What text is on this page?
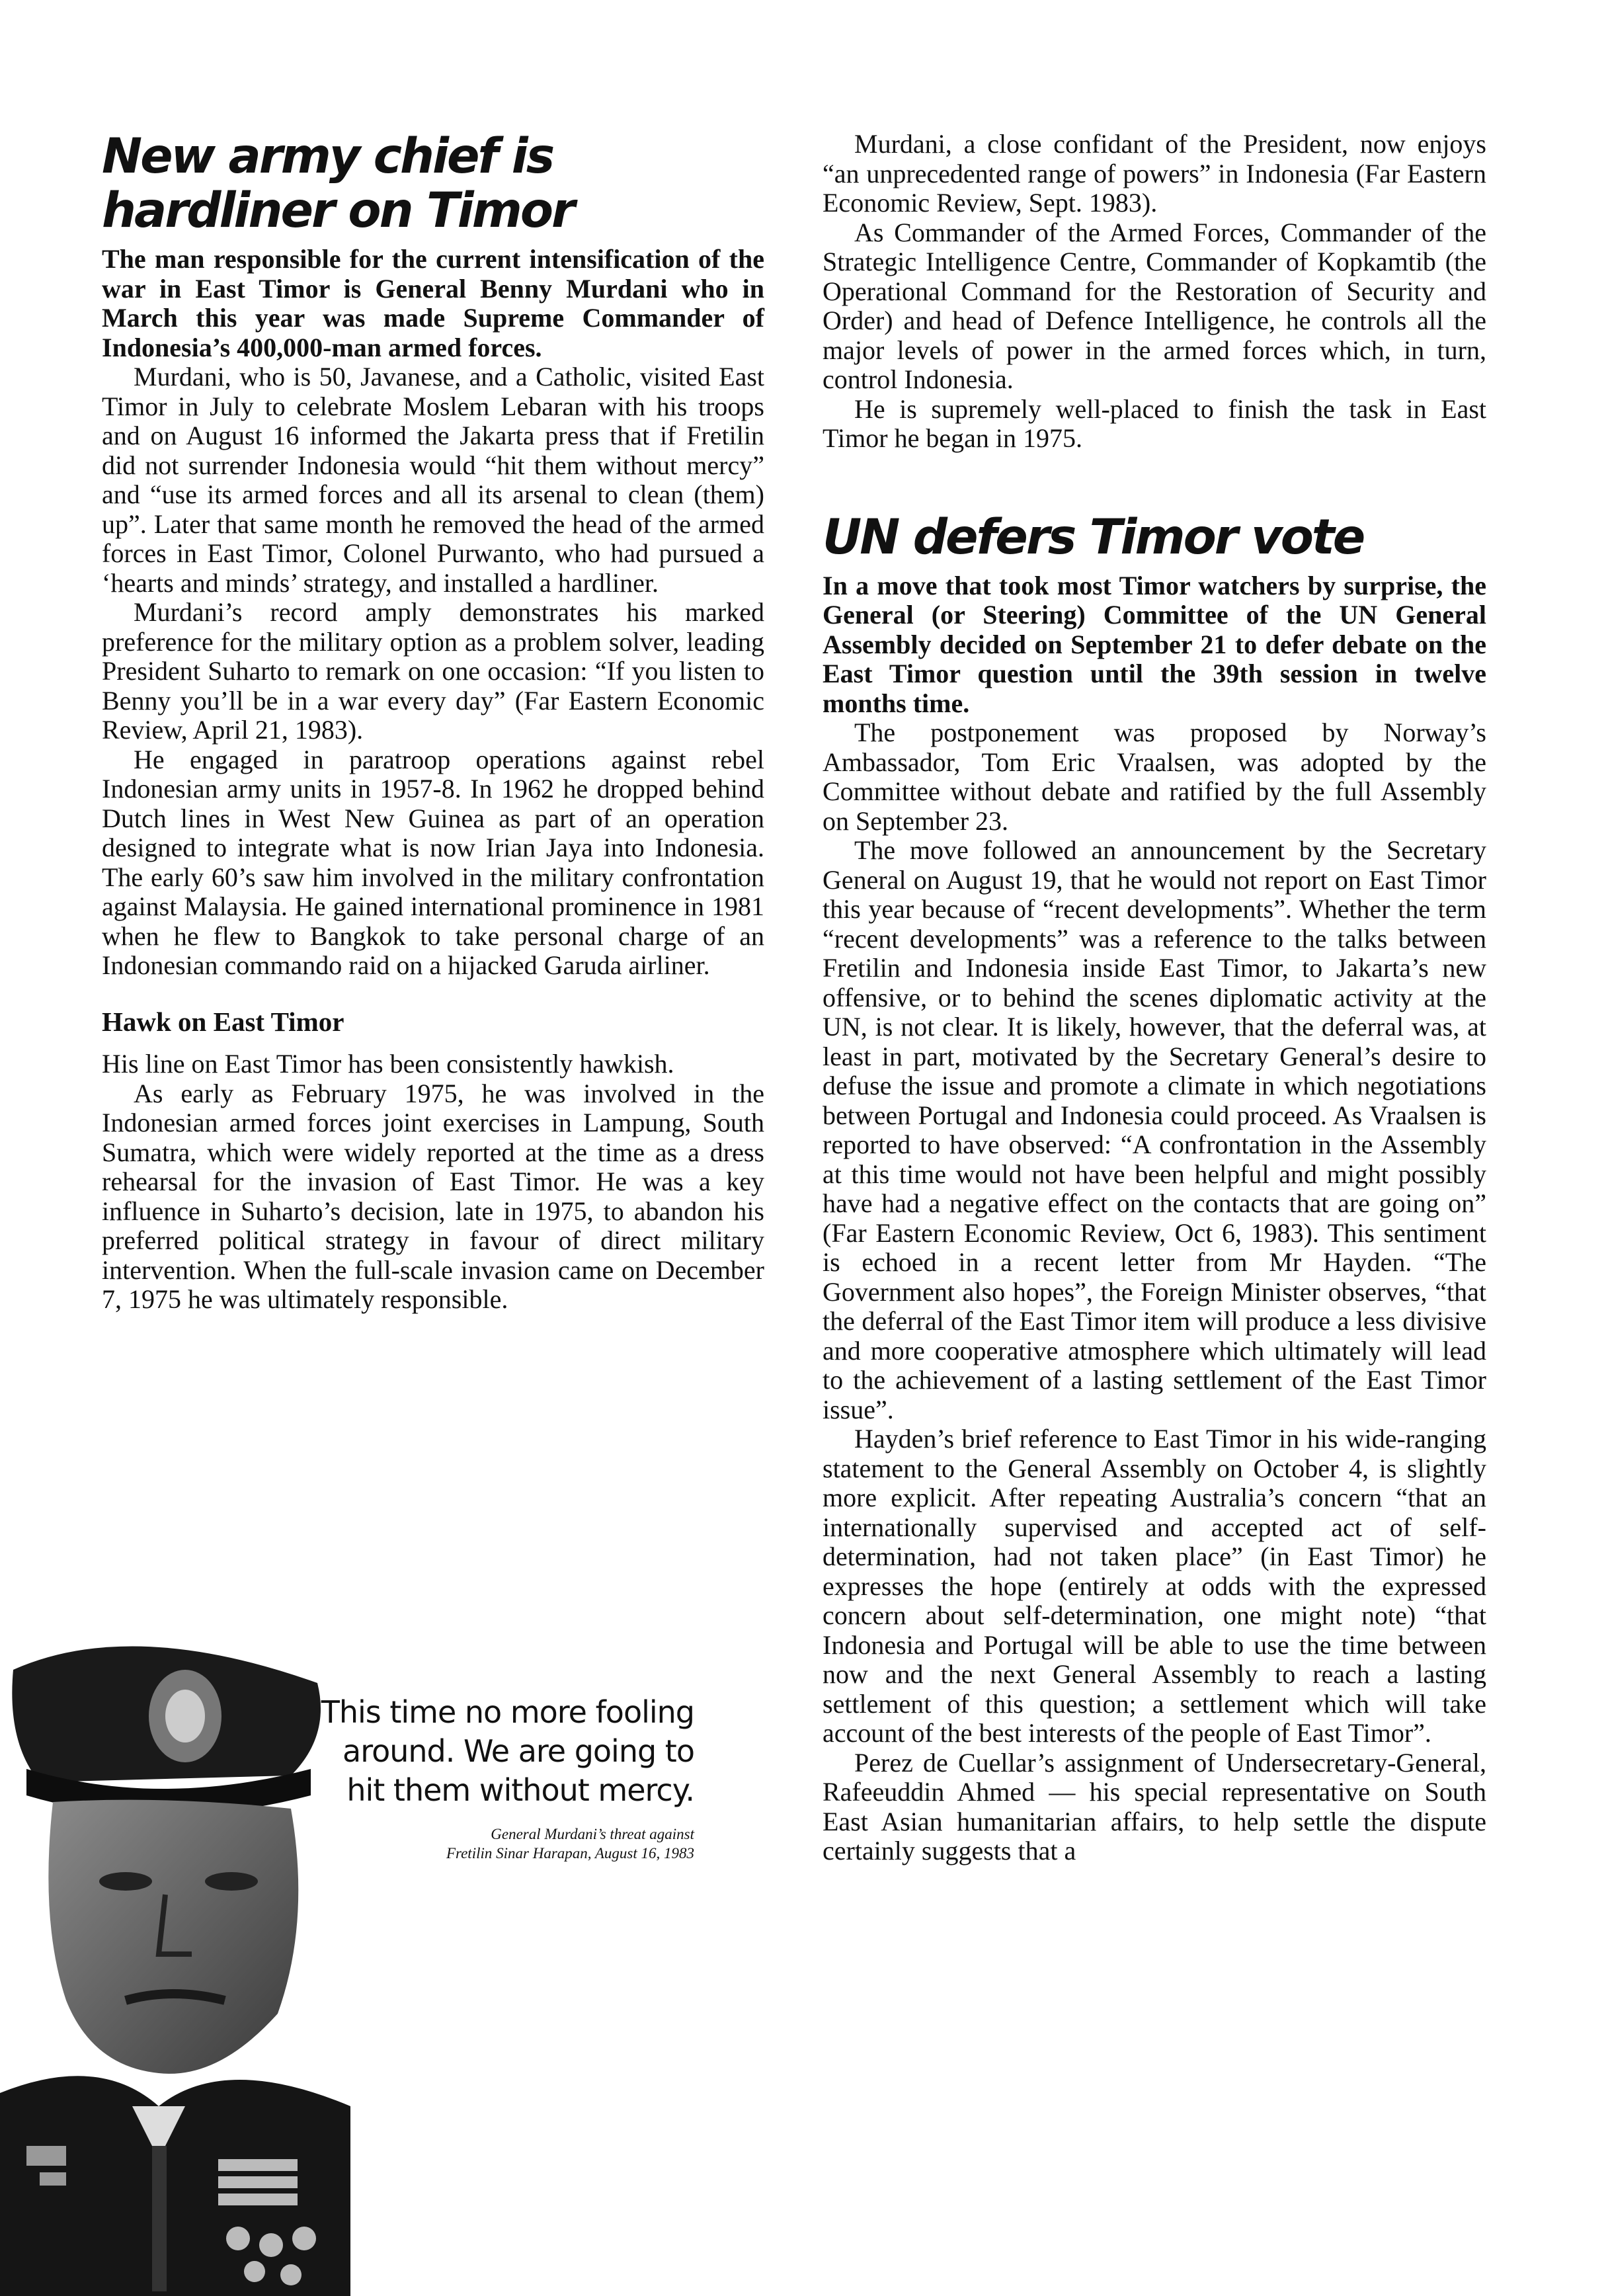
New army chief is hardliner on Timor
The man responsible for the current intensification of the war in East Timor is General Benny Murdani who in March this year was made Supreme Commander of Indonesia’s 400,000-man armed forces.

Murdani, who is 50, Javanese, and a Catholic, visited East Timor in July to celebrate Moslem Lebaran with his troops and on August 16 informed the Jakarta press that if Fretilin did not surrender Indonesia would “hit them without mercy” and “use its armed forces and all its arsenal to clean (them) up”. Later that same month he removed the head of the armed forces in East Timor, Colonel Purwanto, who had pursued a ‘hearts and minds’ strategy, and installed a hardliner.

Murdani’s record amply demonstrates his marked preference for the military option as a problem solver, leading President Suharto to remark on one occasion: “If you listen to Benny you’ll be in a war every day” (Far Eastern Economic Review, April 21, 1983).

He engaged in paratroop operations against rebel Indonesian army units in 1957-8. In 1962 he dropped behind Dutch lines in West New Guinea as part of an operation designed to integrate what is now Irian Jaya into Indonesia. The early 60’s saw him involved in the military confrontation against Malaysia. He gained international prominence in 1981 when he flew to Bangkok to take personal charge of an Indonesian commando raid on a hijacked Garuda airliner.

Hawk on East Timor

His line on East Timor has been consistently hawkish.

As early as February 1975, he was involved in the Indonesian armed forces joint exercises in Lampung, South Sumatra, which were widely reported at the time as a dress rehearsal for the invasion of East Timor. He was a key influence in Suharto’s decision, late in 1975, to abandon his preferred political strategy in favour of direct military intervention. When the full-scale invasion came on December 7, 1975 he was ultimately responsible.

This time no more fooling around. We are going to hit them without mercy.

General Murdani’s threat against
Fretilin Sinar Harapan, August 16, 1983

Murdani, a close confidant of the President, now enjoys “an unprecedented range of powers” in Indonesia (Far Eastern Economic Review, Sept. 1983).

As Commander of the Armed Forces, Commander of the Strategic Intelligence Centre, Commander of Kopkamtib (the Operational Command for the Restoration of Security and Order) and head of Defence Intelligence, he controls all the major levels of power in the armed forces which, in turn, control Indonesia.

He is supremely well-placed to finish the task in East Timor he began in 1975.

UN defers Timor vote
In a move that took most Timor watchers by surprise, the General (or Steering) Committee of the UN General Assembly decided on September 21 to defer debate on the East Timor question until the 39th session in twelve months time.

The postponement was proposed by Norway’s Ambassador, Tom Eric Vraalsen, was adopted by the Committee without debate and ratified by the full Assembly on September 23.

The move followed an announcement by the Secretary General on August 19, that he would not report on East Timor this year because of “recent developments”. Whether the term “recent developments” was a reference to the talks between Fretilin and Indonesia inside East Timor, to Jakarta’s new offensive, or to behind the scenes diplomatic activity at the UN, is not clear. It is likely, however, that the deferral was, at least in part, motivated by the Secretary General’s desire to defuse the issue and promote a climate in which negotiations between Portugal and Indonesia could proceed. As Vraalsen is reported to have observed: “A confrontation in the Assembly at this time would not have been helpful and might possibly have had a negative effect on the contacts that are going on” (Far Eastern Economic Review, Oct 6, 1983). This sentiment is echoed in a recent letter from Mr Hayden. “The Government also hopes”, the Foreign Minister observes, “that the deferral of the East Timor item will produce a less divisive and more cooperative atmosphere which ultimately will lead to the achievement of a lasting settlement of the East Timor issue”.

Hayden’s brief reference to East Timor in his wide-ranging statement to the General Assembly on October 4, is slightly more explicit. After repeating Australia’s concern “that an internationally supervised and accepted act of self-determination, had not taken place” (in East Timor) he expresses the hope (entirely at odds with the expressed concern about self-determination, one might note) “that Indonesia and Portugal will be able to use the time between now and the next General Assembly to reach a lasting settlement of this question; a settlement which will take account of the best interests of the people of East Timor”.

Perez de Cuellar’s assignment of Undersecretary-General, Rafeeuddin Ahmed — his special representative on South East Asian humanitarian affairs, to help settle the dispute certainly suggests that a
